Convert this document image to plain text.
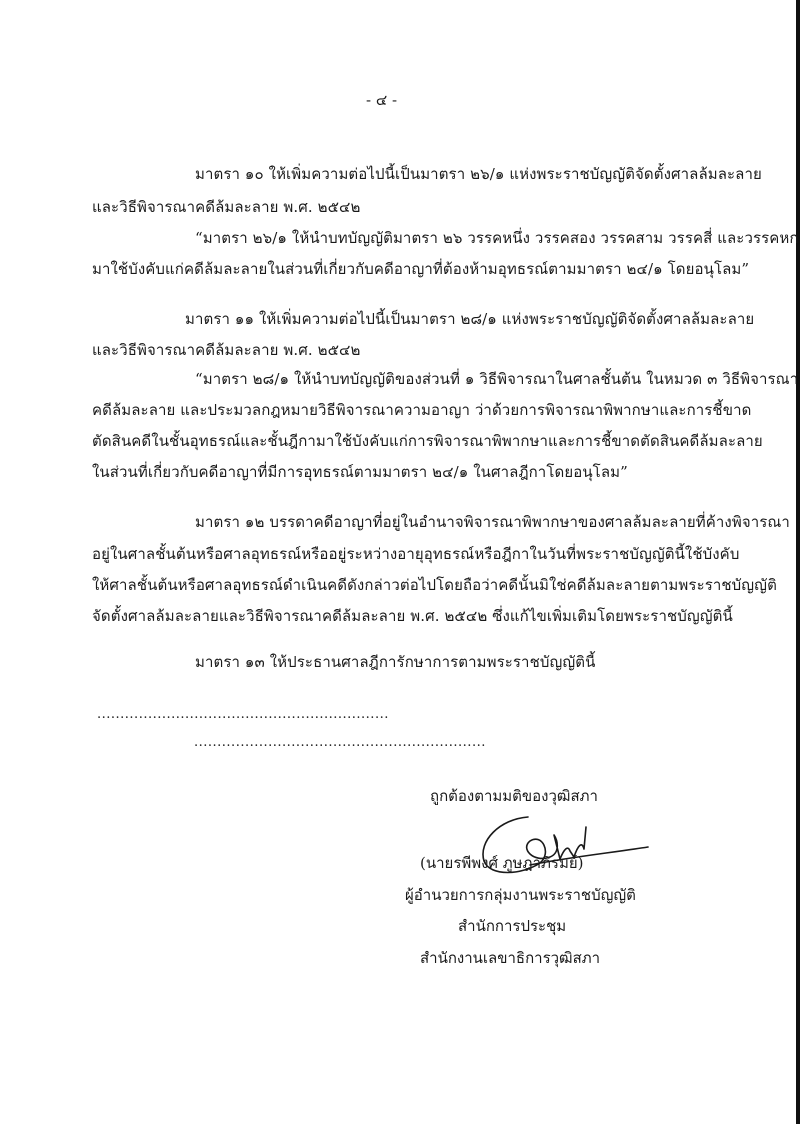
- ๔ -
มาตรา ๑๐ ให้เพิ่มความต่อไปนี้เป็นมาตรา ๒๖/๑ แห่งพระราชบัญญัติจัดตั้งศาลล้มละลาย
และวิธีพิจารณาคดีล้มละลาย พ.ศ. ๒๕๔๒
“มาตรา ๒๖/๑ ให้นำบทบัญญัติมาตรา ๒๖ วรรคหนึ่ง วรรคสอง วรรคสาม วรรคสี่ และวรรคหก
มาใช้บังคับแก่คดีล้มละลายในส่วนที่เกี่ยวกับคดีอาญาที่ต้องห้ามอุทธรณ์ตามมาตรา ๒๔/๑ โดยอนุโลม”
มาตรา ๑๑ ให้เพิ่มความต่อไปนี้เป็นมาตรา ๒๘/๑ แห่งพระราชบัญญัติจัดตั้งศาลล้มละลาย
และวิธีพิจารณาคดีล้มละลาย พ.ศ. ๒๕๔๒
“มาตรา ๒๘/๑ ให้นำบทบัญญัติของส่วนที่ ๑ วิธีพิจารณาในศาลชั้นต้น ในหมวด ๓ วิธีพิจารณา
คดีล้มละลาย และประมวลกฎหมายวิธีพิจารณาความอาญา ว่าด้วยการพิจารณาพิพากษาและการชี้ขาด
ตัดสินคดีในชั้นอุทธรณ์และชั้นฎีกามาใช้บังคับแก่การพิจารณาพิพากษาและการชี้ขาดตัดสินคดีล้มละลาย
ในส่วนที่เกี่ยวกับคดีอาญาที่มีการอุทธรณ์ตามมาตรา ๒๔/๑ ในศาลฎีกาโดยอนุโลม”
มาตรา ๑๒ บรรดาคดีอาญาที่อยู่ในอำนาจพิจารณาพิพากษาของศาลล้มละลายที่ค้างพิจารณา
อยู่ในศาลชั้นต้นหรือศาลอุทธรณ์หรืออยู่ระหว่างอายุอุทธรณ์หรือฎีกาในวันที่พระราชบัญญัตินี้ใช้บังคับ
ให้ศาลชั้นต้นหรือศาลอุทธรณ์ดำเนินคดีดังกล่าวต่อไปโดยถือว่าคดีนั้นมิใช่คดีล้มละลายตามพระราชบัญญัติ
จัดตั้งศาลล้มละลายและวิธีพิจารณาคดีล้มละลาย พ.ศ. ๒๕๔๒ ซึ่งแก้ไขเพิ่มเติมโดยพระราชบัญญัตินี้
มาตรา ๑๓ ให้ประธานศาลฎีการักษาการตามพระราชบัญญัตินี้
...............................................................
...............................................................
ถูกต้องตามมติของวุฒิสภา
(นายรพีพงศ์ ภูษฎาภิรมย์)
ผู้อำนวยการกลุ่มงานพระราชบัญญัติ
สำนักการประชุม
สำนักงานเลขาธิการวุฒิสภา
